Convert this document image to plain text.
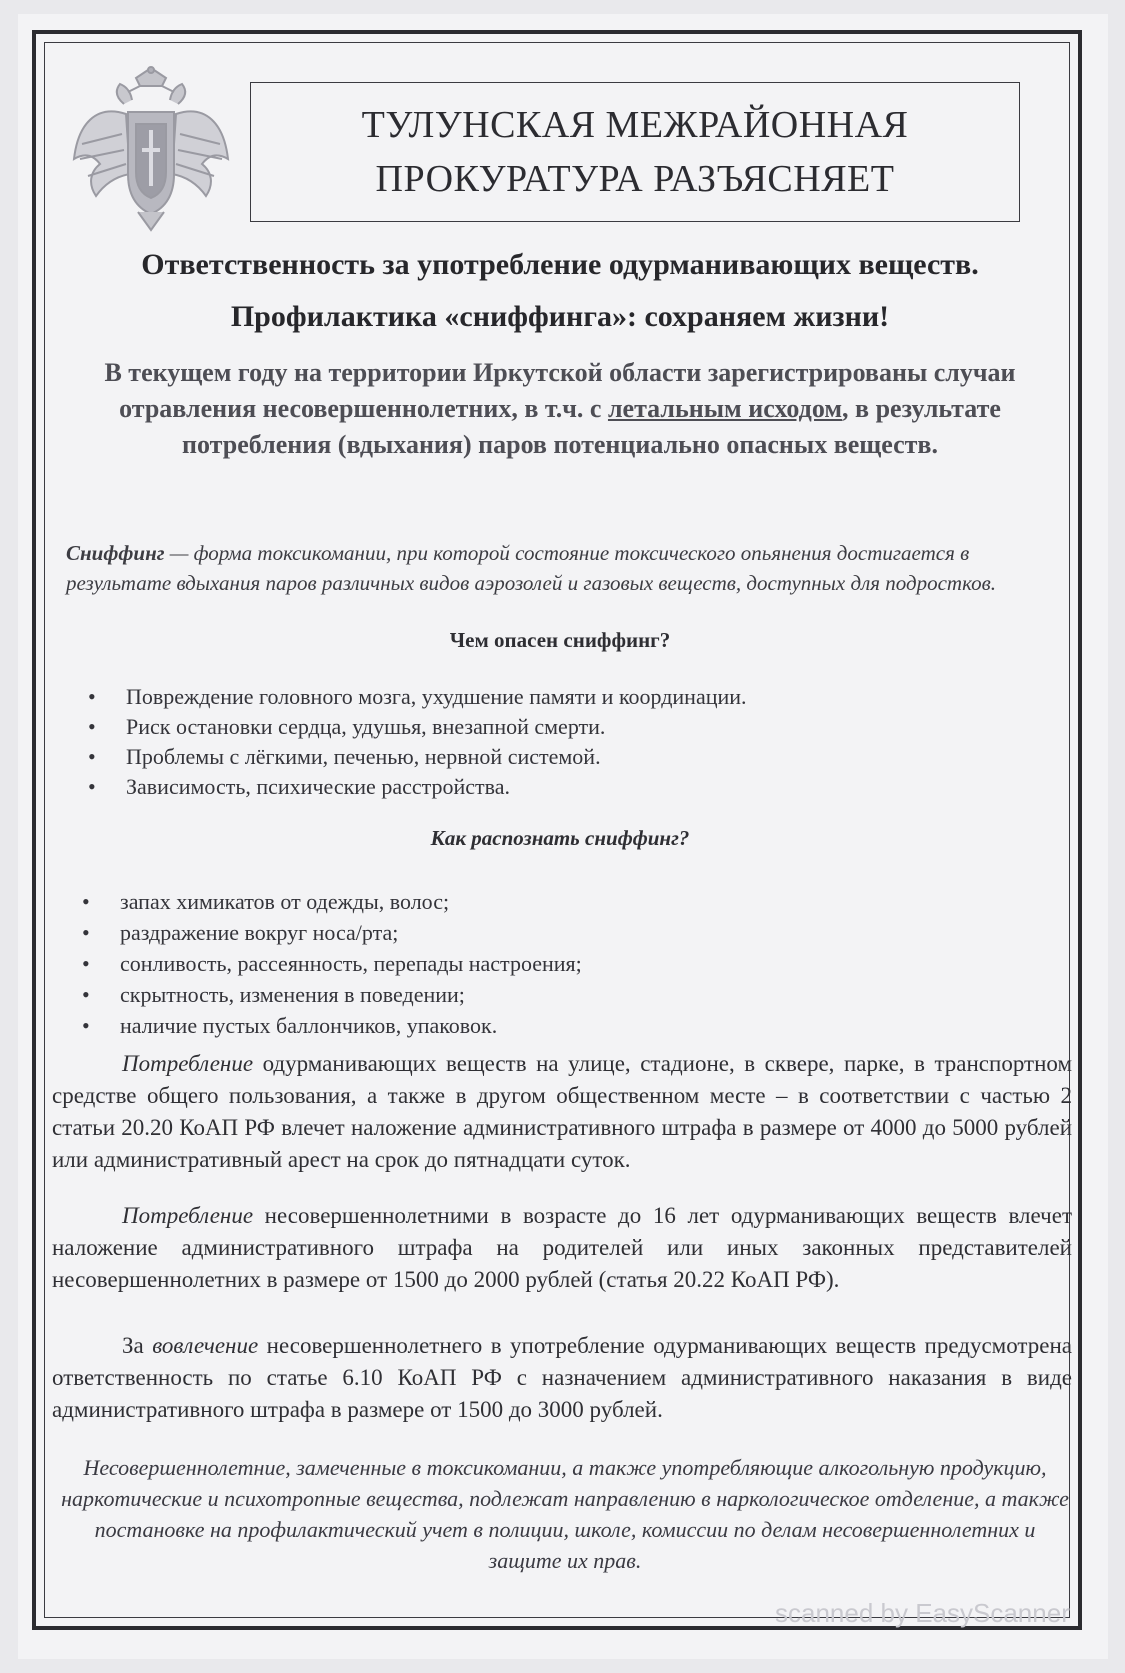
ТУЛУНСКАЯ МЕЖРАЙОННАЯ
ПРОКУРАТУРА РАЗЪЯСНЯЕТ
Ответственность за употребление одурманивающих веществ.
Профилактика «сниффинга»: сохраняем жизни!
В текущем году на территории Иркутской области зарегистрированы случаи отравления несовершеннолетних, в т.ч. с летальным исходом, в результате потребления (вдыхания) паров потенциально опасных веществ.
Сниффинг — форма токсикомании, при которой состояние токсического опьянения достигается в результате вдыхания паров различных видов аэрозолей и газовых веществ, доступных для подростков.
Чем опасен сниффинг?
• Повреждение головного мозга, ухудшение памяти и координации.
• Риск остановки сердца, удушья, внезапной смерти.
• Проблемы с лёгкими, печенью, нервной системой.
• Зависимость, психические расстройства.
Как распознать сниффинг?
• запах химикатов от одежды, волос;
• раздражение вокруг носа/рта;
• сонливость, рассеянность, перепады настроения;
• скрытность, изменения в поведении;
• наличие пустых баллончиков, упаковок.
Потребление одурманивающих веществ на улице, стадионе, в сквере, парке, в транспортном средстве общего пользования, а также в другом общественном месте – в соответствии с частью 2 статьи 20.20 КоАП РФ влечет наложение административного штрафа в размере от 4000 до 5000 рублей или административный арест на срок до пятнадцати суток.
Потребление несовершеннолетними в возрасте до 16 лет одурманивающих веществ влечет наложение административного штрафа на родителей или иных законных представителей несовершеннолетних в размере от 1500 до 2000 рублей (статья 20.22 КоАП РФ).
За вовлечение несовершеннолетнего в употребление одурманивающих веществ предусмотрена ответственность по статье 6.10 КоАП РФ с назначением административного наказания в виде административного штрафа в размере от 1500 до 3000 рублей.
Несовершеннолетние, замеченные в токсикомании, а также употребляющие алкогольную продукцию, наркотические и психотропные вещества, подлежат направлению в наркологическое отделение, а также постановке на профилактический учет в полиции, школе, комиссии по делам несовершеннолетних и защите их прав.
scanned by EasyScanner
